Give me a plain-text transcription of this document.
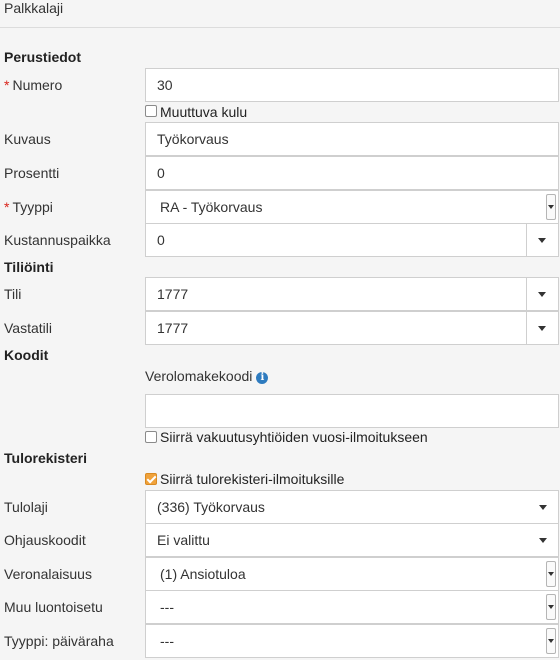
Palkkalaji
Perustiedot
* Numero	30
Muuttuva kulu
Kuvaus	Työkorvaus
Prosentti	0
* Tyyppi	RA - Työkorvaus
Kustannuspaikka	0
Tiliöinti
Tili	1777
Vastatili	1777
Koodit
Verolomakekoodi i
Siirrä vakuutusyhtiöiden vuosi-ilmoitukseen
Tulorekisteri
Siirrä tulorekisteri-ilmoituksille
Tulolaji	(336) Työkorvaus
Ohjauskoodit	Ei valittu
Veronalaisuus	(1) Ansiotuloa
Muu luontoisetu	---
Tyyppi: päiväraha	---
